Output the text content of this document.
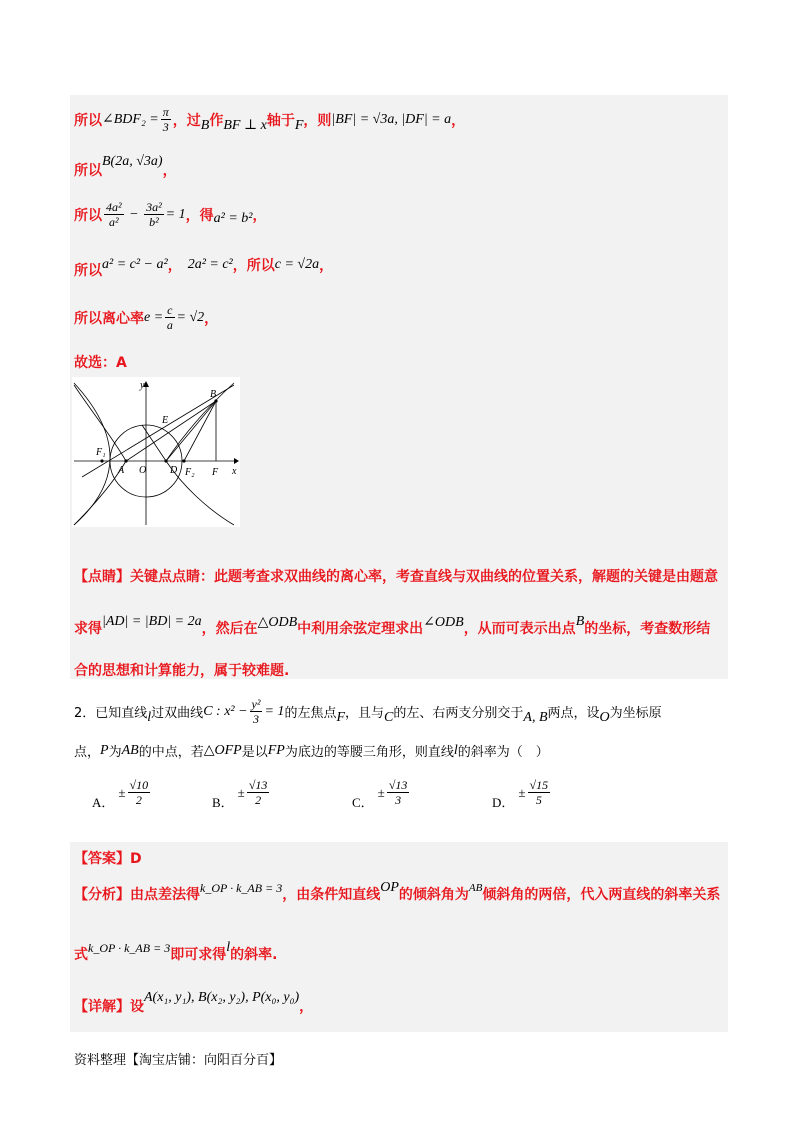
所以 ∠BDF₂ = $\frac{\pi}{3}$ ，过 B 作 BF ⊥ x 轴于 F ，则 |BF| = √3a, |DF| = a ，
所以
B(2a, √3a)
，
所以 $\frac{\text{4a²}}{\text{a²}} - \frac{\text{3a²}}{\text{b²}} = 1$ ，得 a² = b² ，
所以 a² = c² − a² ， 2a² = c² ，所以 c = √2a ，
所以离心率 $e = \frac{c}{a} = √2$ ，
故选：A
y
x
B
E
F₁
A O D F₂ F
【点睛】 关键点点睛：此题考查求双曲线的离心率，考查直线与双曲线的位置关系，解题的关键是由题意
求得 |AD| = |BD| = 2a ，然后在 △ODB 中利用余弦定理求出 ∠ODB ，从而可表示出点 B 的坐标，考查数形结
合的思想和计算能力，属于较难题.
2．已知直线 l 过双曲线 C : $x^2 - \frac{\text{y²}}{3} = 1$ 的左焦点 F ，且与 C 的左、右两支分别交于 A, B 两点，设 O 为坐标原
点， P 为 AB 的中点，若 △OFP 是以 FP 为底边的等腰三角形，则直线 l 的斜率为（　）
A．
± $\frac{√10}{2}$	B．
± $\frac{√13}{2}$	C．
± $\frac{√13}{3}$	D．
± $\frac{√15}{5}$
【答案】D
【分析】 由点差法得 k_OP · k_AB = 3 ，由条件知直线 OP 的倾斜角为 AB 倾斜角的两倍，代入两直线的斜率关系
式 k_OP · k_AB = 3 即可求得 l 的斜率.
【详解】 设
A(x₁, y₁), B(x₂, y₂), P(x₀, y₀)
，
资料整理【淘宝店铺：向阳百分百】
